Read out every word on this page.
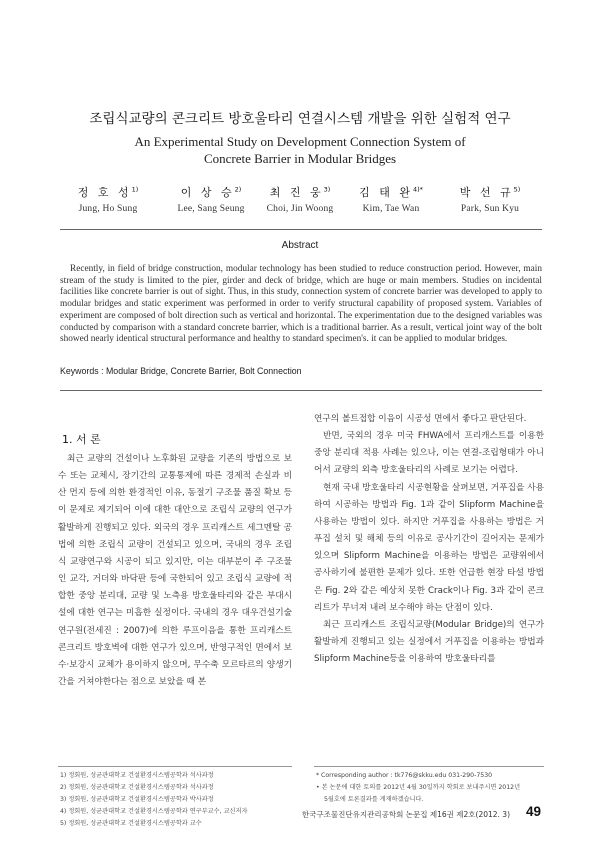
조립식교량의 콘크리트 방호울타리 연결시스템 개발을 위한 실험적 연구
An Experimental Study on Development Connection System of
Concrete Barrier in Modular Bridges
정 호 성$^{1)}$
Jung, Ho Sung
이 상 승$^{2)}$
Lee, Sang Seung
최 진 웅$^{3)}$
Choi, Jin Woong
김 태 완$^{4)*}$
Kim, Tae Wan
박 선 규$^{5)}$
Park, Sun Kyu
Abstract
Recently, in field of bridge construction, modular technology has been studied to reduce construction period. However, main stream of the study is limited to the pier, girder and deck of bridge, which are huge or main members. Studies on incidental facilities like concrete barrier is out of sight. Thus, in this study, connection system of concrete barrier was developed to apply to modular bridges and static experiment was performed in order to verify structural capability of proposed system. Variables of experiment are composed of bolt direction such as vertical and horizontal. The experimentation due to the designed variables was conducted by comparison with a standard concrete barrier, which is a traditional barrier. As a result, vertical joint way of the bolt showed nearly identical structural performance and healthy to standard specimen's. it can be applied to modular bridges.
Keywords : Modular Bridge, Concrete Barrier, Bolt Connection
1. 서 론

최근 교량의 건설이나 노후화된 교량을 기존의 방법으로 보수 또는 교체시, 장기간의 교통통제에 따른 경제적 손실과 비산 먼지 등에 의한 환경적인 이유, 동절기 구조물 품질 확보 등이 문제로 제기되어 이에 대한 대안으로 조립식 교량의 연구가 활발하게 진행되고 있다. 외국의 경우 프리캐스트 세그멘탈 공법에 의한 조립식 교량이 건설되고 있으며, 국내의 경우 조립식 교량연구와 시공이 되고 있지만, 이는 대부분이 주 구조물인 교각, 거더와 바닥판 등에 국한되어 있고 조립식 교량에 적합한 중앙 분리대, 교량 및 노측용 방호울타리와 같은 부대시설에 대한 연구는 미흡한 실정이다. 국내의 경우 대우건설기술연구원(전세진 : 2007)에 의한 루프이음을 통한 프리캐스트 콘크리트 방호벽에 대한 연구가 있으며, 반영구적인 면에서 보수·보강시 교체가 용이하지 않으며, 무수축 모르타르의 양생기간을 거쳐야한다는 점으로 보았을 때 본

연구의 볼트접합 이음이 시공성 면에서 좋다고 판단된다.

반면, 국외의 경우 미국 FHWA에서 프리캐스트를 이용한 중앙 분리대 적용 사례는 있으나, 이는 연결-조립형태가 아니어서 교량의 외측 방호울타리의 사례로 보기는 어렵다.

현재 국내 방호울타리 시공현황을 살펴보면, 거푸집을 사용하여 시공하는 방법과 Fig. 1과 같이 Slipform Machine을 사용하는 방법이 있다. 하지만 거푸집을 사용하는 방법은 거푸집 설치 및 해체 등의 이유로 공사기간이 길어지는 문제가 있으며 Slipform Machine을 이용하는 방법은 교량위에서 공사하기에 불편한 문제가 있다. 또한 언급한 현장 타설 방법은 Fig. 2와 같은 예상치 못한 Crack이나 Fig. 3과 같이 콘크리트가 무너져 내려 보수해야 하는 단점이 있다.

최근 프리캐스트 조립식교량(Modular Bridge)의 연구가 활발하게 진행되고 있는 실정에서 거푸집을 이용하는 방법과 Slipform Machine등을 이용하여 방호울타리를

1) 정회원, 성균관대학교 건설환경시스템공학과 석사과정
2) 정회원, 성균관대학교 건설환경시스템공학과 석사과정
3) 정회원, 성균관대학교 건설환경시스템공학과 박사과정
4) 정회원, 성균관대학교 건설환경시스템공학과 연구부교수, 교신저자
5) 정회원, 성균관대학교 건설환경시스템공학과 교수
* Corresponding author : tk776@skku.edu 031-290-7530
• 본 논문에 대한 토의를 2012년 4월 30일까지 학회로 보내주시면 2012년
5월호에 토론결과를 게재하겠습니다.
한국구조물진단유지관리공학회 논문집 제16권 제2호(2012. 3) 49
